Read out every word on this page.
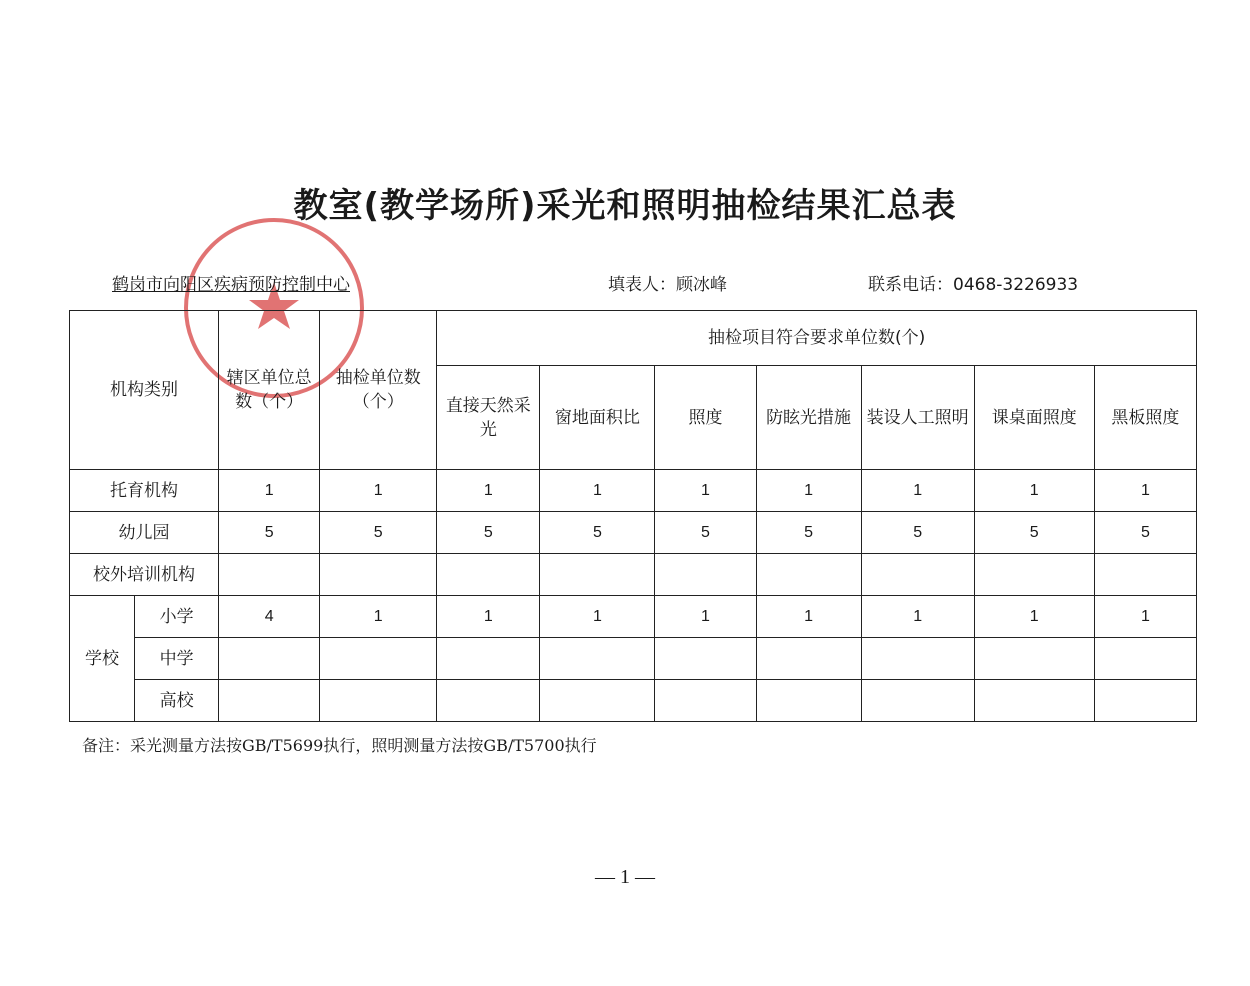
教室(教学场所)采光和照明抽检结果汇总表
鹤岗市向阳区疾病预防控制中心	填表人：顾冰峰	联系电话：0468-3226933
机构类别		辖区单位总数（个）	抽检单位数（个）	抽检项目符合要求单位数(个)						
				直接天然采光	窗地面积比	照度	防眩光措施	装设人工照明	课桌面照度	黑板照度
托育机构		1	1	1	1	1	1	1	1	1
幼儿园		5	5	5	5	5	5	5	5	5
校外培训机构										
学校	小学	4	1	1	1	1	1	1	1	1
	中学									
	高校									
备注：采光测量方法按GB/T5699执行，照明测量方法按GB/T5700执行
— 1 —
